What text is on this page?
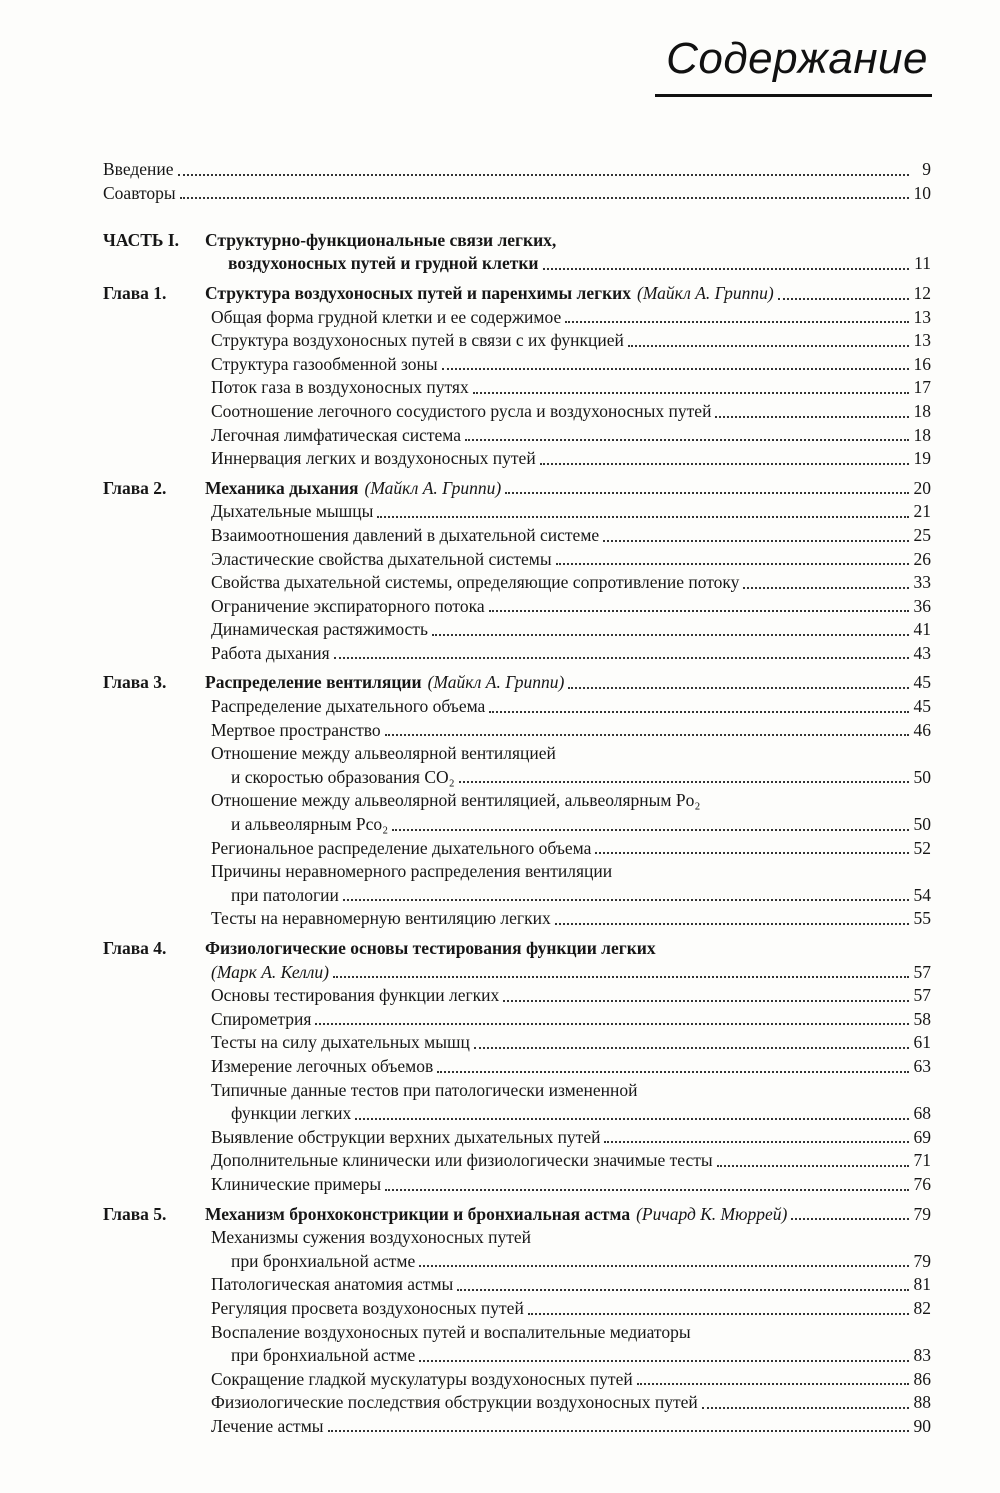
Содержание
Введение	9
Соавторы	10
ЧАСТЬ I.	Структурно-функциональные связи легких,
воздухоносных путей и грудной клетки	11
Глава 1.	Структура воздухоносных путей и паренхимы легких (Майкл А. Гриппи)	12
Общая форма грудной клетки и ее содержимое	13
Структура воздухоносных путей в связи с их функцией	13
Структура газообменной зоны	16
Поток газа в воздухоносных путях	17
Соотношение легочного сосудистого русла и воздухоносных путей	18
Легочная лимфатическая система	18
Иннервация легких и воздухоносных путей	19
Глава 2.	Механика дыхания (Майкл А. Гриппи)	20
Дыхательные мышцы	21
Взаимоотношения давлений в дыхательной системе	25
Эластические свойства дыхательной системы	26
Свойства дыхательной системы, определяющие сопротивление потоку	33
Ограничение экспираторного потока	36
Динамическая растяжимость	41
Работа дыхания	43
Глава 3.	Распределение вентиляции (Майкл А. Гриппи)	45
Распределение дыхательного объема	45
Мертвое пространство	46
Отношение между альвеолярной вентиляцией
и скоростью образования CO₂	50
Отношение между альвеолярной вентиляцией, альвеолярным Po₂
и альвеолярным Pco₂	50
Региональное распределение дыхательного объема	52
Причины неравномерного распределения вентиляции
при патологии	54
Тесты на неравномерную вентиляцию легких	55
Глава 4.	Физиологические основы тестирования функции легких
(Марк А. Келли)	57
Основы тестирования функции легких	57
Спирометрия	58
Тесты на силу дыхательных мышц	61
Измерение легочных объемов	63
Типичные данные тестов при патологически измененной
функции легких	68
Выявление обструкции верхних дыхательных путей	69
Дополнительные клинически или физиологически значимые тесты	71
Клинические примеры	76
Глава 5.	Механизм бронхоконстрикции и бронхиальная астма (Ричард К. Мюррей)	79
Механизмы сужения воздухоносных путей
при бронхиальной астме	79
Патологическая анатомия астмы	81
Регуляция просвета воздухоносных путей	82
Воспаление воздухоносных путей и воспалительные медиаторы
при бронхиальной астме	83
Сокращение гладкой мускулатуры воздухоносных путей	86
Физиологические последствия обструкции воздухоносных путей	88
Лечение астмы	90
